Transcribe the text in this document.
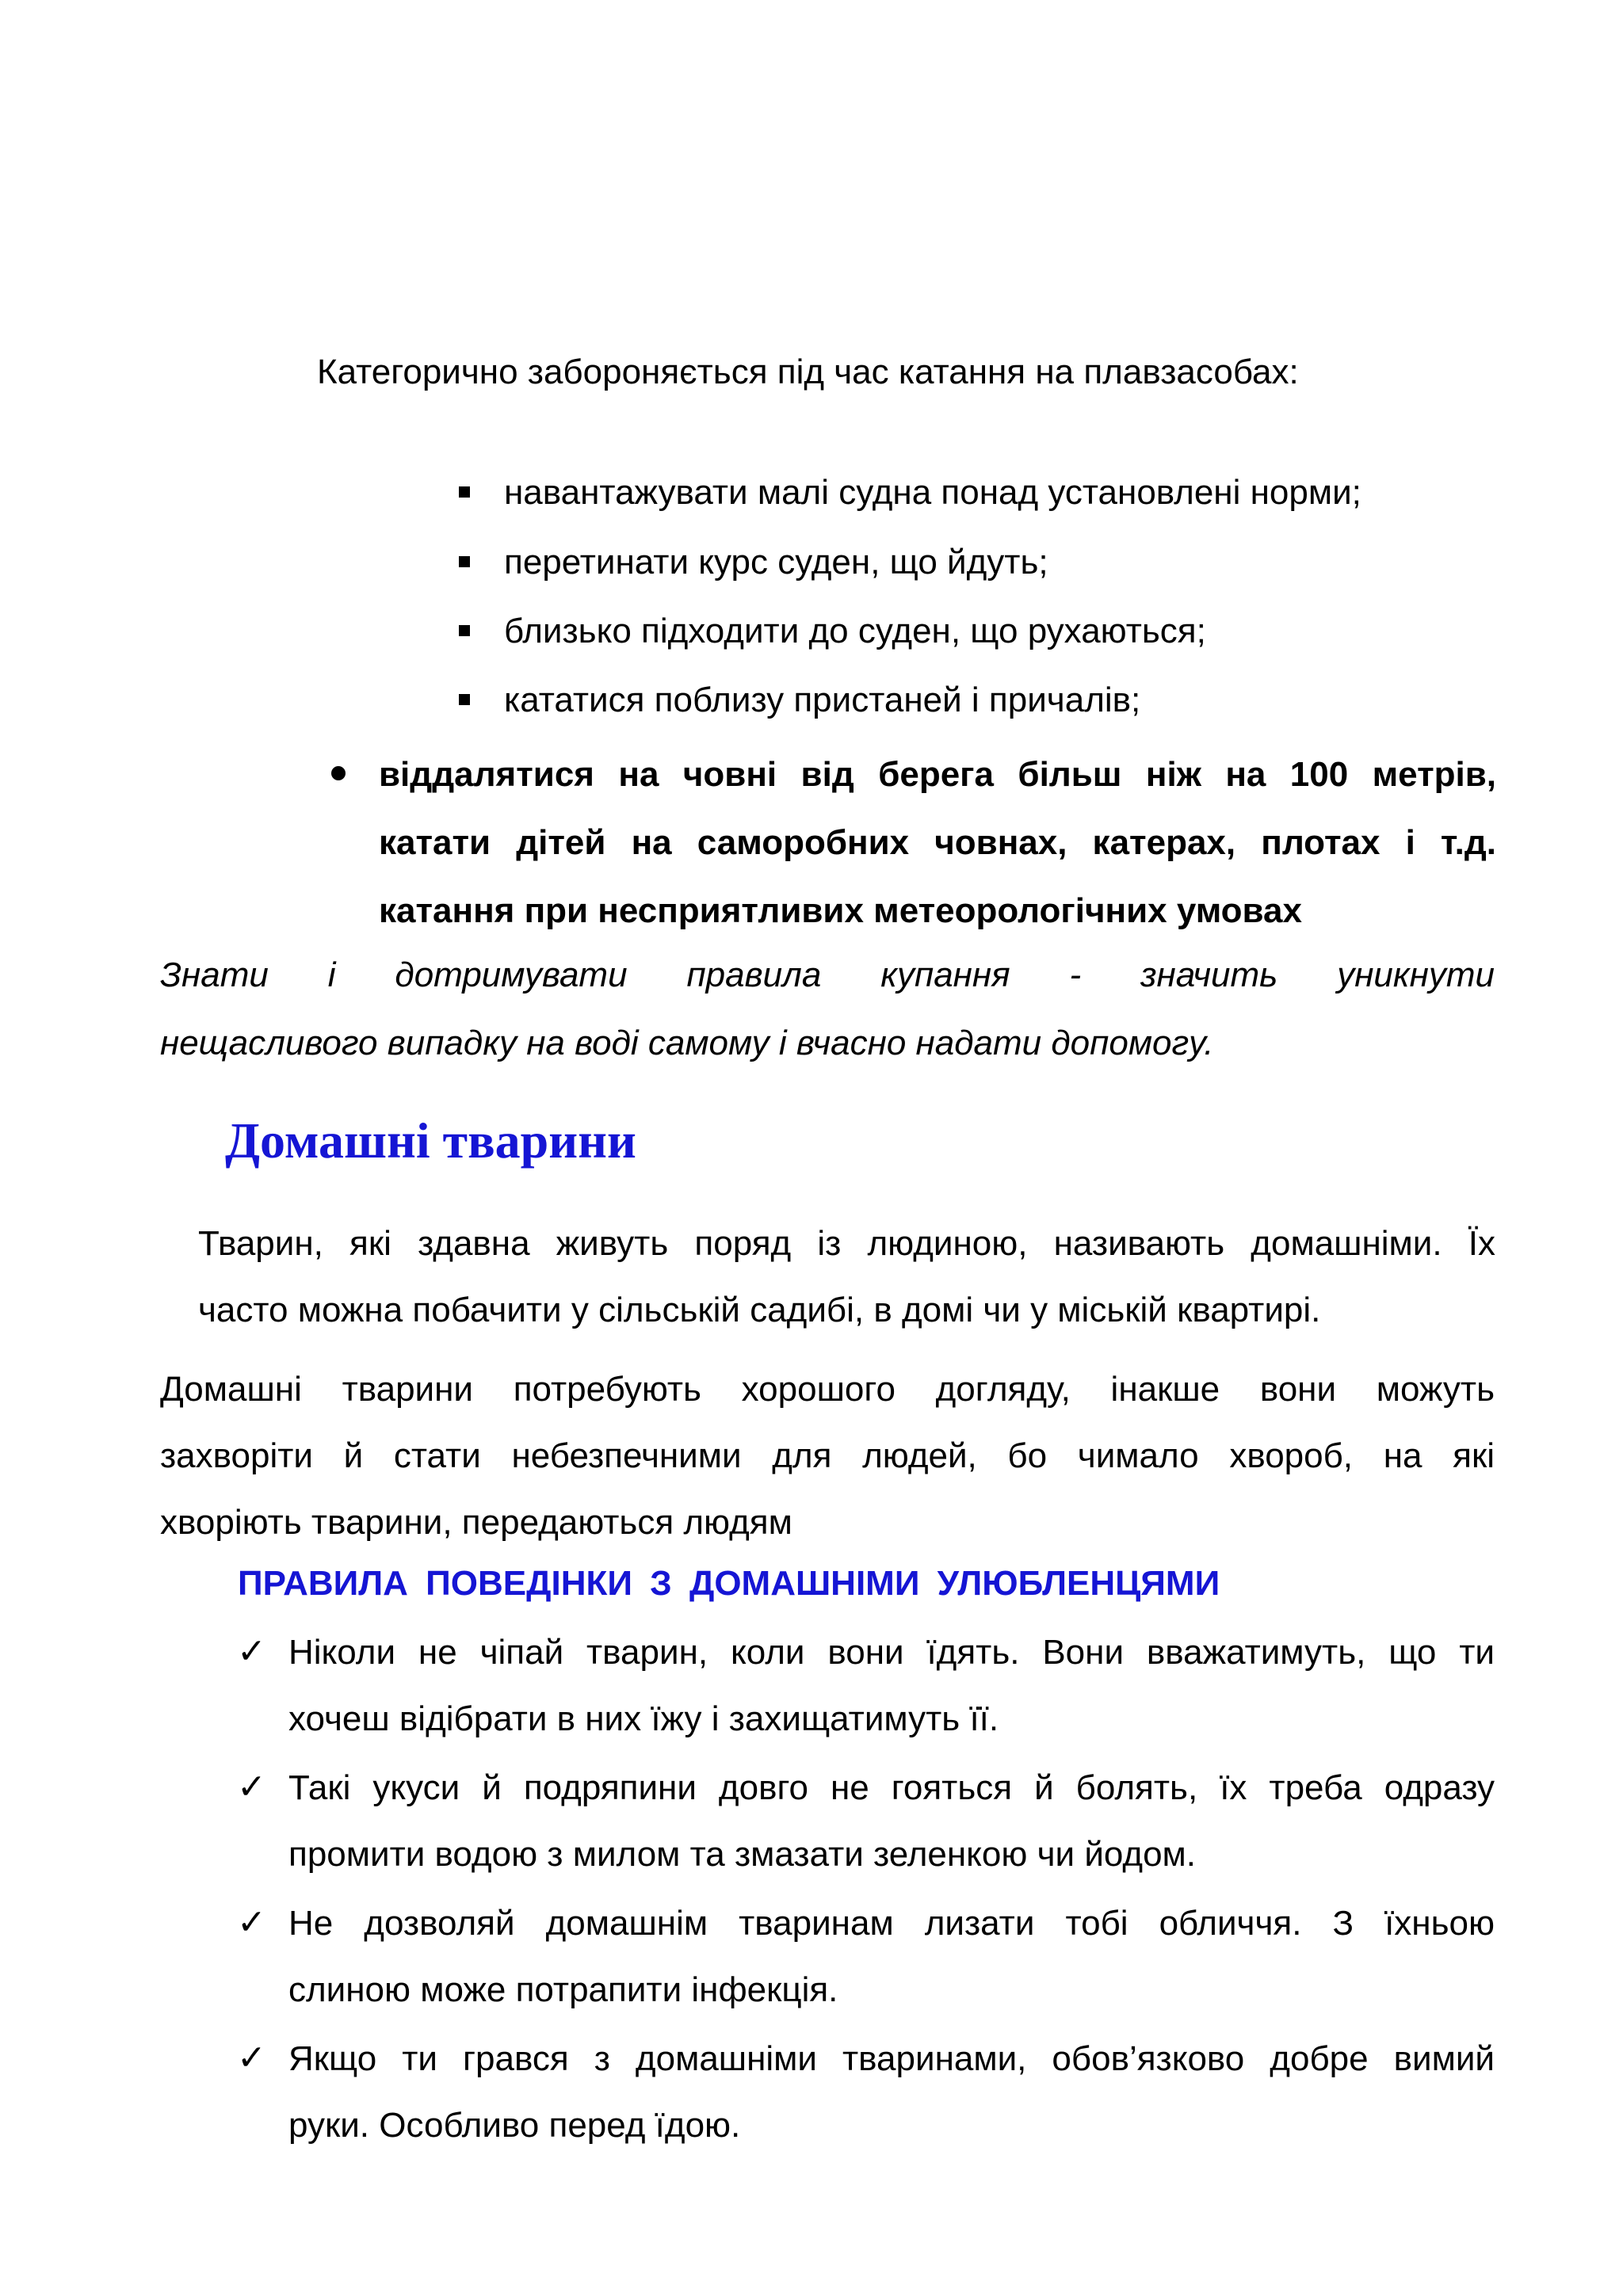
Категорично забороняється під час катання на плавзасобах:
навантажувати малі судна понад установлені норми;
перетинати курс суден, що йдуть;
близько підходити до суден, що рухаються;
кататися поблизу пристаней і причалів;
віддалятися на човні від берега більш ніж на 100 метрів,
катати дітей на саморобних човнах, катерах, плотах і т.д.
катання при несприятливих метеорологічних умовах
Знати і дотримувати правила купання - значить уникнути
нещасливого випадку на воді самому і вчасно надати допомогу.
Домашні тварини
Тварин, які здавна живуть поряд із людиною, називають домашніми. Їх
часто можна побачити у сільській садибі, в домі чи у міській квартирі.
Домашні тварини потребують хорошого догляду, інакше вони можуть
захворіти й стати небезпечними для людей, бо чимало хвороб, на які
хворіють тварини, передаються людям
ПРАВИЛА ПОВЕДІНКИ З ДОМАШНІМИ УЛЮБЛЕНЦЯМИ
✓ Ніколи не чіпай тварин, коли вони їдять. Вони вважатимуть, що ти
хочеш відібрати в них їжу і захищатимуть її.
✓ Такі укуси й подряпини довго не гояться й болять, їх треба одразу
промити водою з милом та змазати зеленкою чи йодом.
✓ Не дозволяй домашнім тваринам лизати тобі обличчя. З їхньою
слиною може потрапити інфекція.
✓ Якщо ти грався з домашніми тваринами, обов’язково добре вимий
руки. Особливо перед їдою.
